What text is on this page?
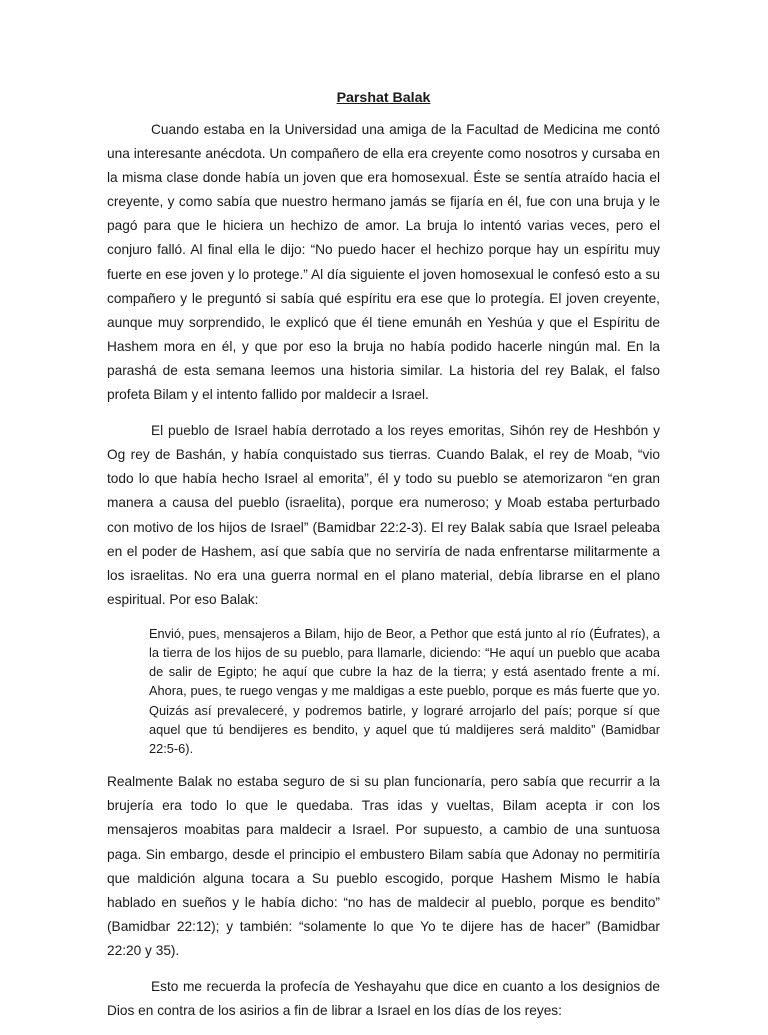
Parshat Balak

Cuando estaba en la Universidad una amiga de la Facultad de Medicina me contó una interesante anécdota. Un compañero de ella era creyente como nosotros y cursaba en la misma clase donde había un joven que era homosexual. Éste se sentía atraído hacia el creyente, y como sabía que nuestro hermano jamás se fijaría en él, fue con una bruja y le pagó para que le hiciera un hechizo de amor. La bruja lo intentó varias veces, pero el conjuro falló. Al final ella le dijo: “No puedo hacer el hechizo porque hay un espíritu muy fuerte en ese joven y lo protege.” Al día siguiente el joven homosexual le confesó esto a su compañero y le preguntó si sabía qué espíritu era ese que lo protegía. El joven creyente, aunque muy sorprendido, le explicó que él tiene emunáh en Yeshúa y que el Espíritu de Hashem mora en él, y que por eso la bruja no había podido hacerle ningún mal. En la parashá de esta semana leemos una historia similar. La historia del rey Balak, el falso profeta Bilam y el intento fallido por maldecir a Israel.

El pueblo de Israel había derrotado a los reyes emoritas, Sihón rey de Heshbón y Og rey de Bashán, y había conquistado sus tierras. Cuando Balak, el rey de Moab, “vio todo lo que había hecho Israel al emorita”, él y todo su pueblo se atemorizaron “en gran manera a causa del pueblo (israelita), porque era numeroso; y Moab estaba perturbado con motivo de los hijos de Israel” (Bamidbar 22:2-3). El rey Balak sabía que Israel peleaba en el poder de Hashem, así que sabía que no serviría de nada enfrentarse militarmente a los israelitas. No era una guerra normal en el plano material, debía librarse en el plano espiritual. Por eso Balak:

Envió, pues, mensajeros a Bilam, hijo de Beor, a Pethor que está junto al río (Éufrates), a la tierra de los hijos de su pueblo, para llamarle, diciendo: “He aquí un pueblo que acaba de salir de Egipto; he aquí que cubre la haz de la tierra; y está asentado frente a mí. Ahora, pues, te ruego vengas y me maldigas a este pueblo, porque es más fuerte que yo. Quizás así prevaleceré, y podremos batirle, y lograré arrojarlo del país; porque sí que aquel que tú bendijeres es bendito, y aquel que tú maldijeres será maldito” (Bamidbar 22:5-6).

Realmente Balak no estaba seguro de si su plan funcionaría, pero sabía que recurrir a la brujería era todo lo que le quedaba. Tras idas y vueltas, Bilam acepta ir con los mensajeros moabitas para maldecir a Israel. Por supuesto, a cambio de una suntuosa paga. Sin embargo, desde el principio el embustero Bilam sabía que Adonay no permitiría que maldición alguna tocara a Su pueblo escogido, porque Hashem Mismo le había hablado en sueños y le había dicho: “no has de maldecir al pueblo, porque es bendito” (Bamidbar 22:12); y también: “solamente lo que Yo te dijere has de hacer” (Bamidbar 22:20 y 35).

Esto me recuerda la profecía de Yeshayahu que dice en cuanto a los designios de Dios en contra de los asirios a fin de librar a Israel en los días de los reyes:
